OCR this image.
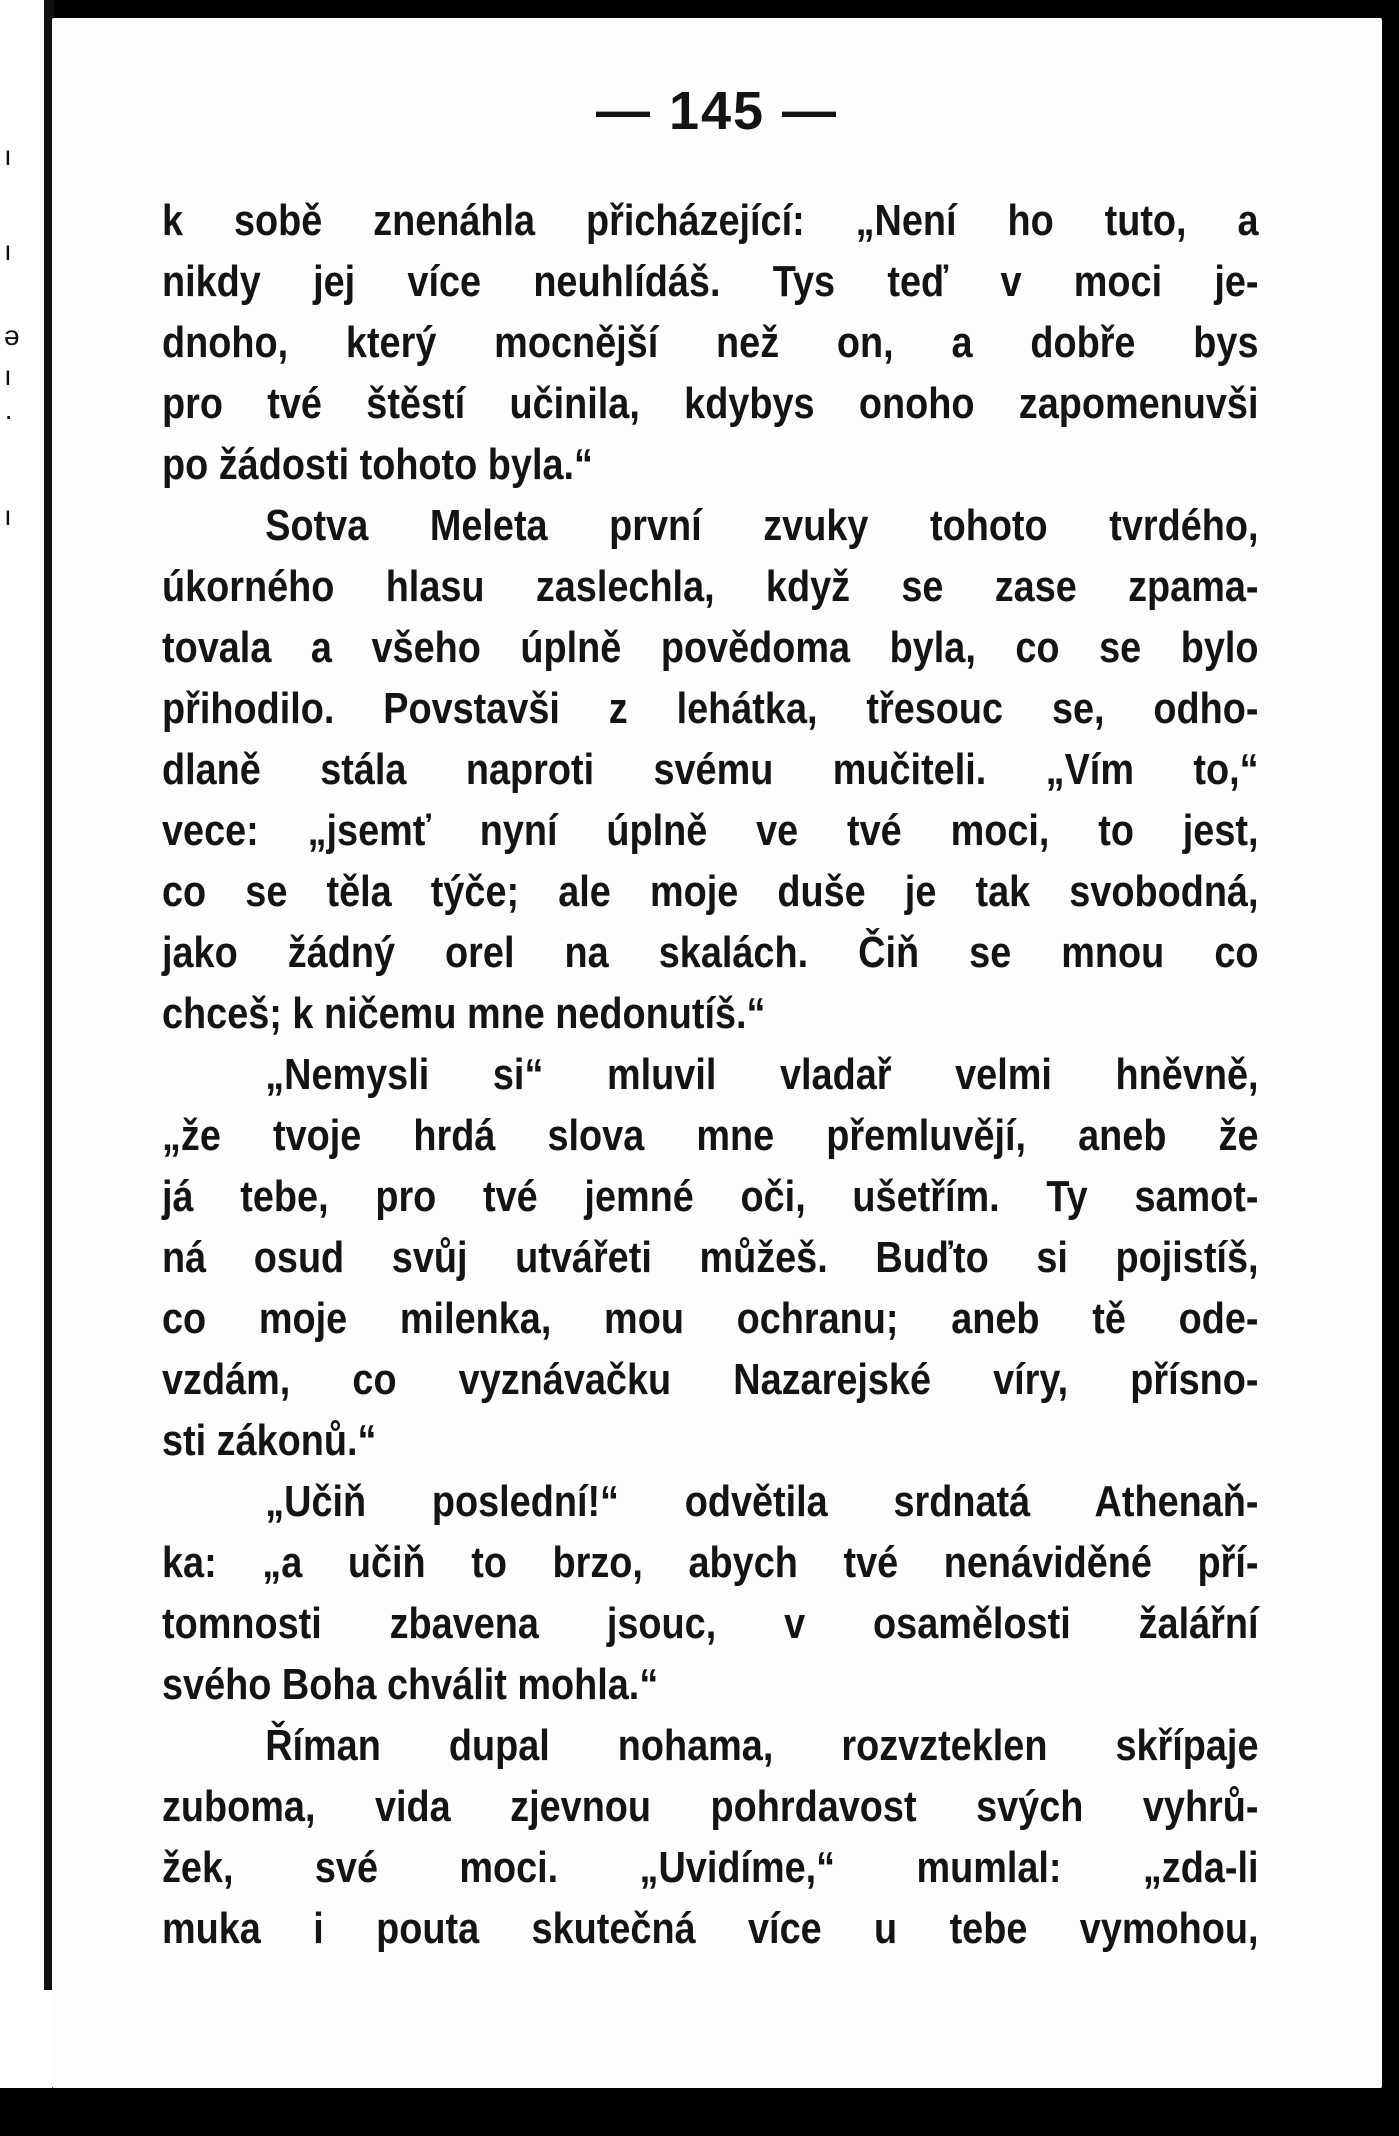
ı
ı
ə
ı
·
ı
— 145 —
k sobě znenáhla přicházející: „Není ho tuto, a
nikdy jej více neuhlídáš. Tys teď v moci je-
dnoho, který mocnější než on, a dobře bys
pro tvé štěstí učinila, kdybys onoho zapomenuvši
po žádosti tohoto byla.“
Sotva Meleta první zvuky tohoto tvrdého,
úkorného hlasu zaslechla, když se zase zpama-
tovala a všeho úplně povědoma byla, co se bylo
přihodilo. Povstavši z lehátka, třesouc se, odho-
dlaně stála naproti svému mučiteli. „Vím to,“
vece: „jsemť nyní úplně ve tvé moci, to jest,
co se těla týče; ale moje duše je tak svobodná,
jako žádný orel na skalách. Čiň se mnou co
chceš; k ničemu mne nedonutíš.“
„Nemysli si“ mluvil vladař velmi hněvně,
„že tvoje hrdá slova mne přemluvějí, aneb že
já tebe, pro tvé jemné oči, ušetřím. Ty samot-
ná osud svůj utvářeti můžeš. Buďto si pojistíš,
co moje milenka, mou ochranu; aneb tě ode-
vzdám, co vyznávačku Nazarejské víry, přísno-
sti zákonů.“
„Učiň poslední!“ odvětila srdnatá Athenaň-
ka: „a učiň to brzo, abych tvé nenáviděné pří-
tomnosti zbavena jsouc, v osamělosti žalářní
svého Boha chválit mohla.“
Říman dupal nohama, rozvzteklen skřípaje
zuboma, vida zjevnou pohrdavost svých vyhrů-
žek, své moci. „Uvidíme,“ mumlal: „zda-li
muka i pouta skutečná více u tebe vymohou,
